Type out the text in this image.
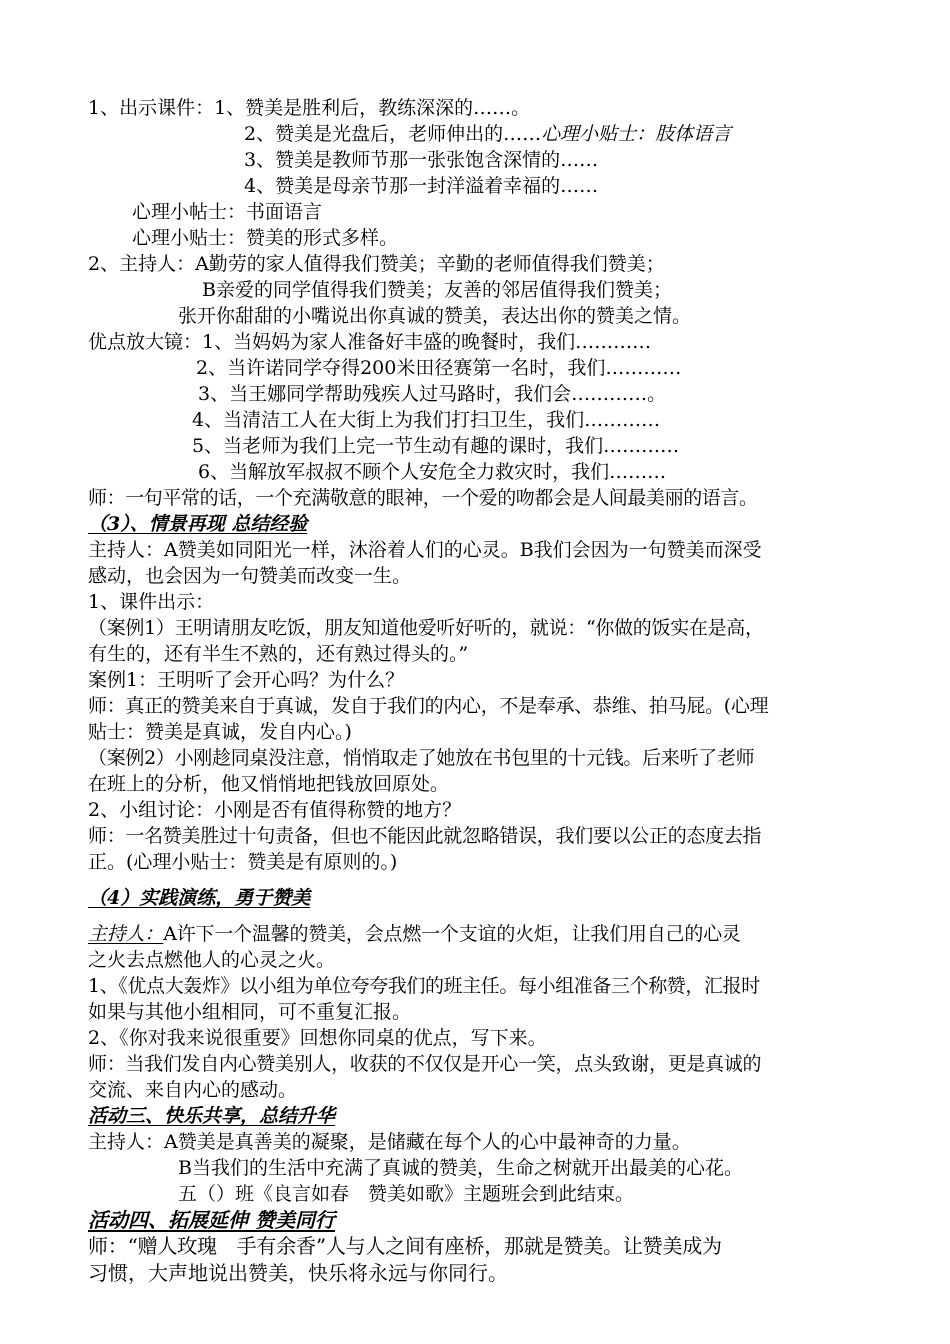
1、出示课件：1、赞美是胜利后，教练深深的……。
2、赞美是光盘后，老师伸出的……心理小贴士：肢体语言
3、赞美是教师节那一张张饱含深情的……
4、赞美是母亲节那一封洋溢着幸福的……
心理小帖士：书面语言
心理小贴士：赞美的形式多样。
2、主持人：A勤劳的家人值得我们赞美；辛勤的老师值得我们赞美；
B亲爱的同学值得我们赞美；友善的邻居值得我们赞美；
张开你甜甜的小嘴说出你真诚的赞美，表达出你的赞美之情。
优点放大镜：1、当妈妈为家人准备好丰盛的晚餐时，我们…………
2、当许诺同学夺得200米田径赛第一名时，我们…………
3、当王娜同学帮助残疾人过马路时，我们会…………。
4、当清洁工人在大街上为我们打扫卫生，我们…………
5、当老师为我们上完一节生动有趣的课时，我们…………
6、当解放军叔叔不顾个人安危全力救灾时，我们………
师：一句平常的话，一个充满敬意的眼神，一个爱的吻都会是人间最美丽的语言。
（3）、情景再现 总结经验
主持人：A赞美如同阳光一样，沐浴着人们的心灵。B我们会因为一句赞美而深受
感动，也会因为一句赞美而改变一生。
1、课件出示：
（案例1）王明请朋友吃饭，朋友知道他爱听好听的，就说：“你做的饭实在是高，
有生的，还有半生不熟的，还有熟过得头的。”
案例1：王明听了会开心吗？为什么？
师：真正的赞美来自于真诚，发自于我们的内心，不是奉承、恭维、拍马屁。(心理
贴士：赞美是真诚，发自内心。)
（案例2）小刚趁同桌没注意，悄悄取走了她放在书包里的十元钱。后来听了老师
在班上的分析，他又悄悄地把钱放回原处。
2、小组讨论：小刚是否有值得称赞的地方？
师：一名赞美胜过十句责备，但也不能因此就忽略错误，我们要以公正的态度去指
正。(心理小贴士：赞美是有原则的。)
（4）实践演练，勇于赞美
主持人：A许下一个温馨的赞美，会点燃一个支谊的火炬，让我们用自己的心灵
之火去点燃他人的心灵之火。
1、《优点大轰炸》以小组为单位夸夸我们的班主任。每小组准备三个称赞，汇报时
如果与其他小组相同，可不重复汇报。
2、《你对我来说很重要》回想你同桌的优点，写下来。
师：当我们发自内心赞美别人，收获的不仅仅是开心一笑，点头致谢，更是真诚的
交流、来自内心的感动。
活动三、快乐共享，总结升华
主持人：A赞美是真善美的凝聚，是储藏在每个人的心中最神奇的力量。
B当我们的生活中充满了真诚的赞美，生命之树就开出最美的心花。
五（）班《良言如春　赞美如歌》主题班会到此结束。
活动四、拓展延伸 赞美同行
师：“赠人玫瑰　手有余香”人与人之间有座桥，那就是赞美。让赞美成为
习惯，大声地说出赞美，快乐将永远与你同行。
